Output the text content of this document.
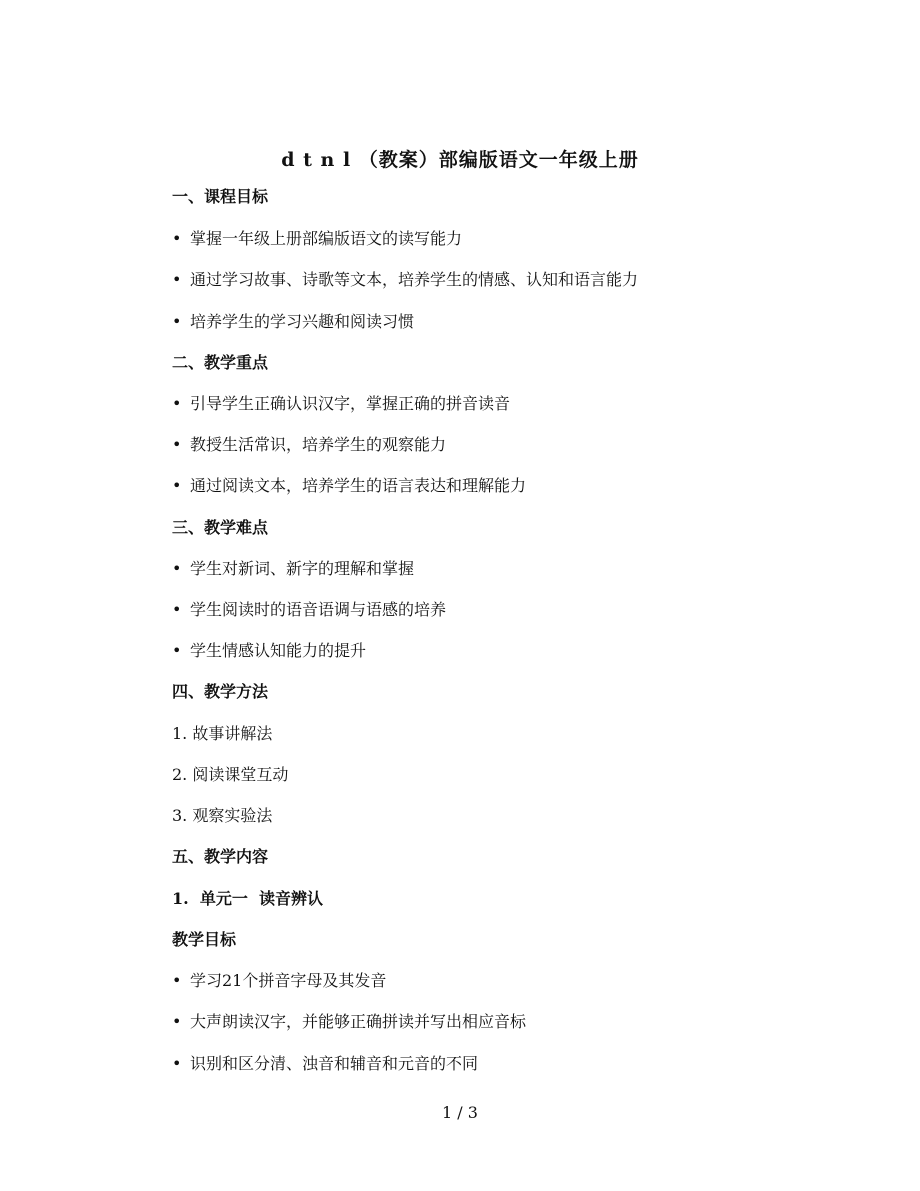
d t n l （教案）部编版语文一年级上册
一、课程目标
• 掌握一年级上册部编版语文的读写能力
• 通过学习故事、诗歌等文本，培养学生的情感、认知和语言能力
• 培养学生的学习兴趣和阅读习惯
二、教学重点
• 引导学生正确认识汉字，掌握正确的拼音读音
• 教授生活常识，培养学生的观察能力
• 通过阅读文本，培养学生的语言表达和理解能力
三、教学难点
• 学生对新词、新字的理解和掌握
• 学生阅读时的语音语调与语感的培养
• 学生情感认知能力的提升
四、教学方法
1. 故事讲解法
2. 阅读课堂互动
3. 观察实验法
五、教学内容
1.  单元一  读音辨认
教学目标
• 学习21个拼音字母及其发音
• 大声朗读汉字，并能够正确拼读并写出相应音标
• 识别和区分清、浊音和辅音和元音的不同
1 / 3
